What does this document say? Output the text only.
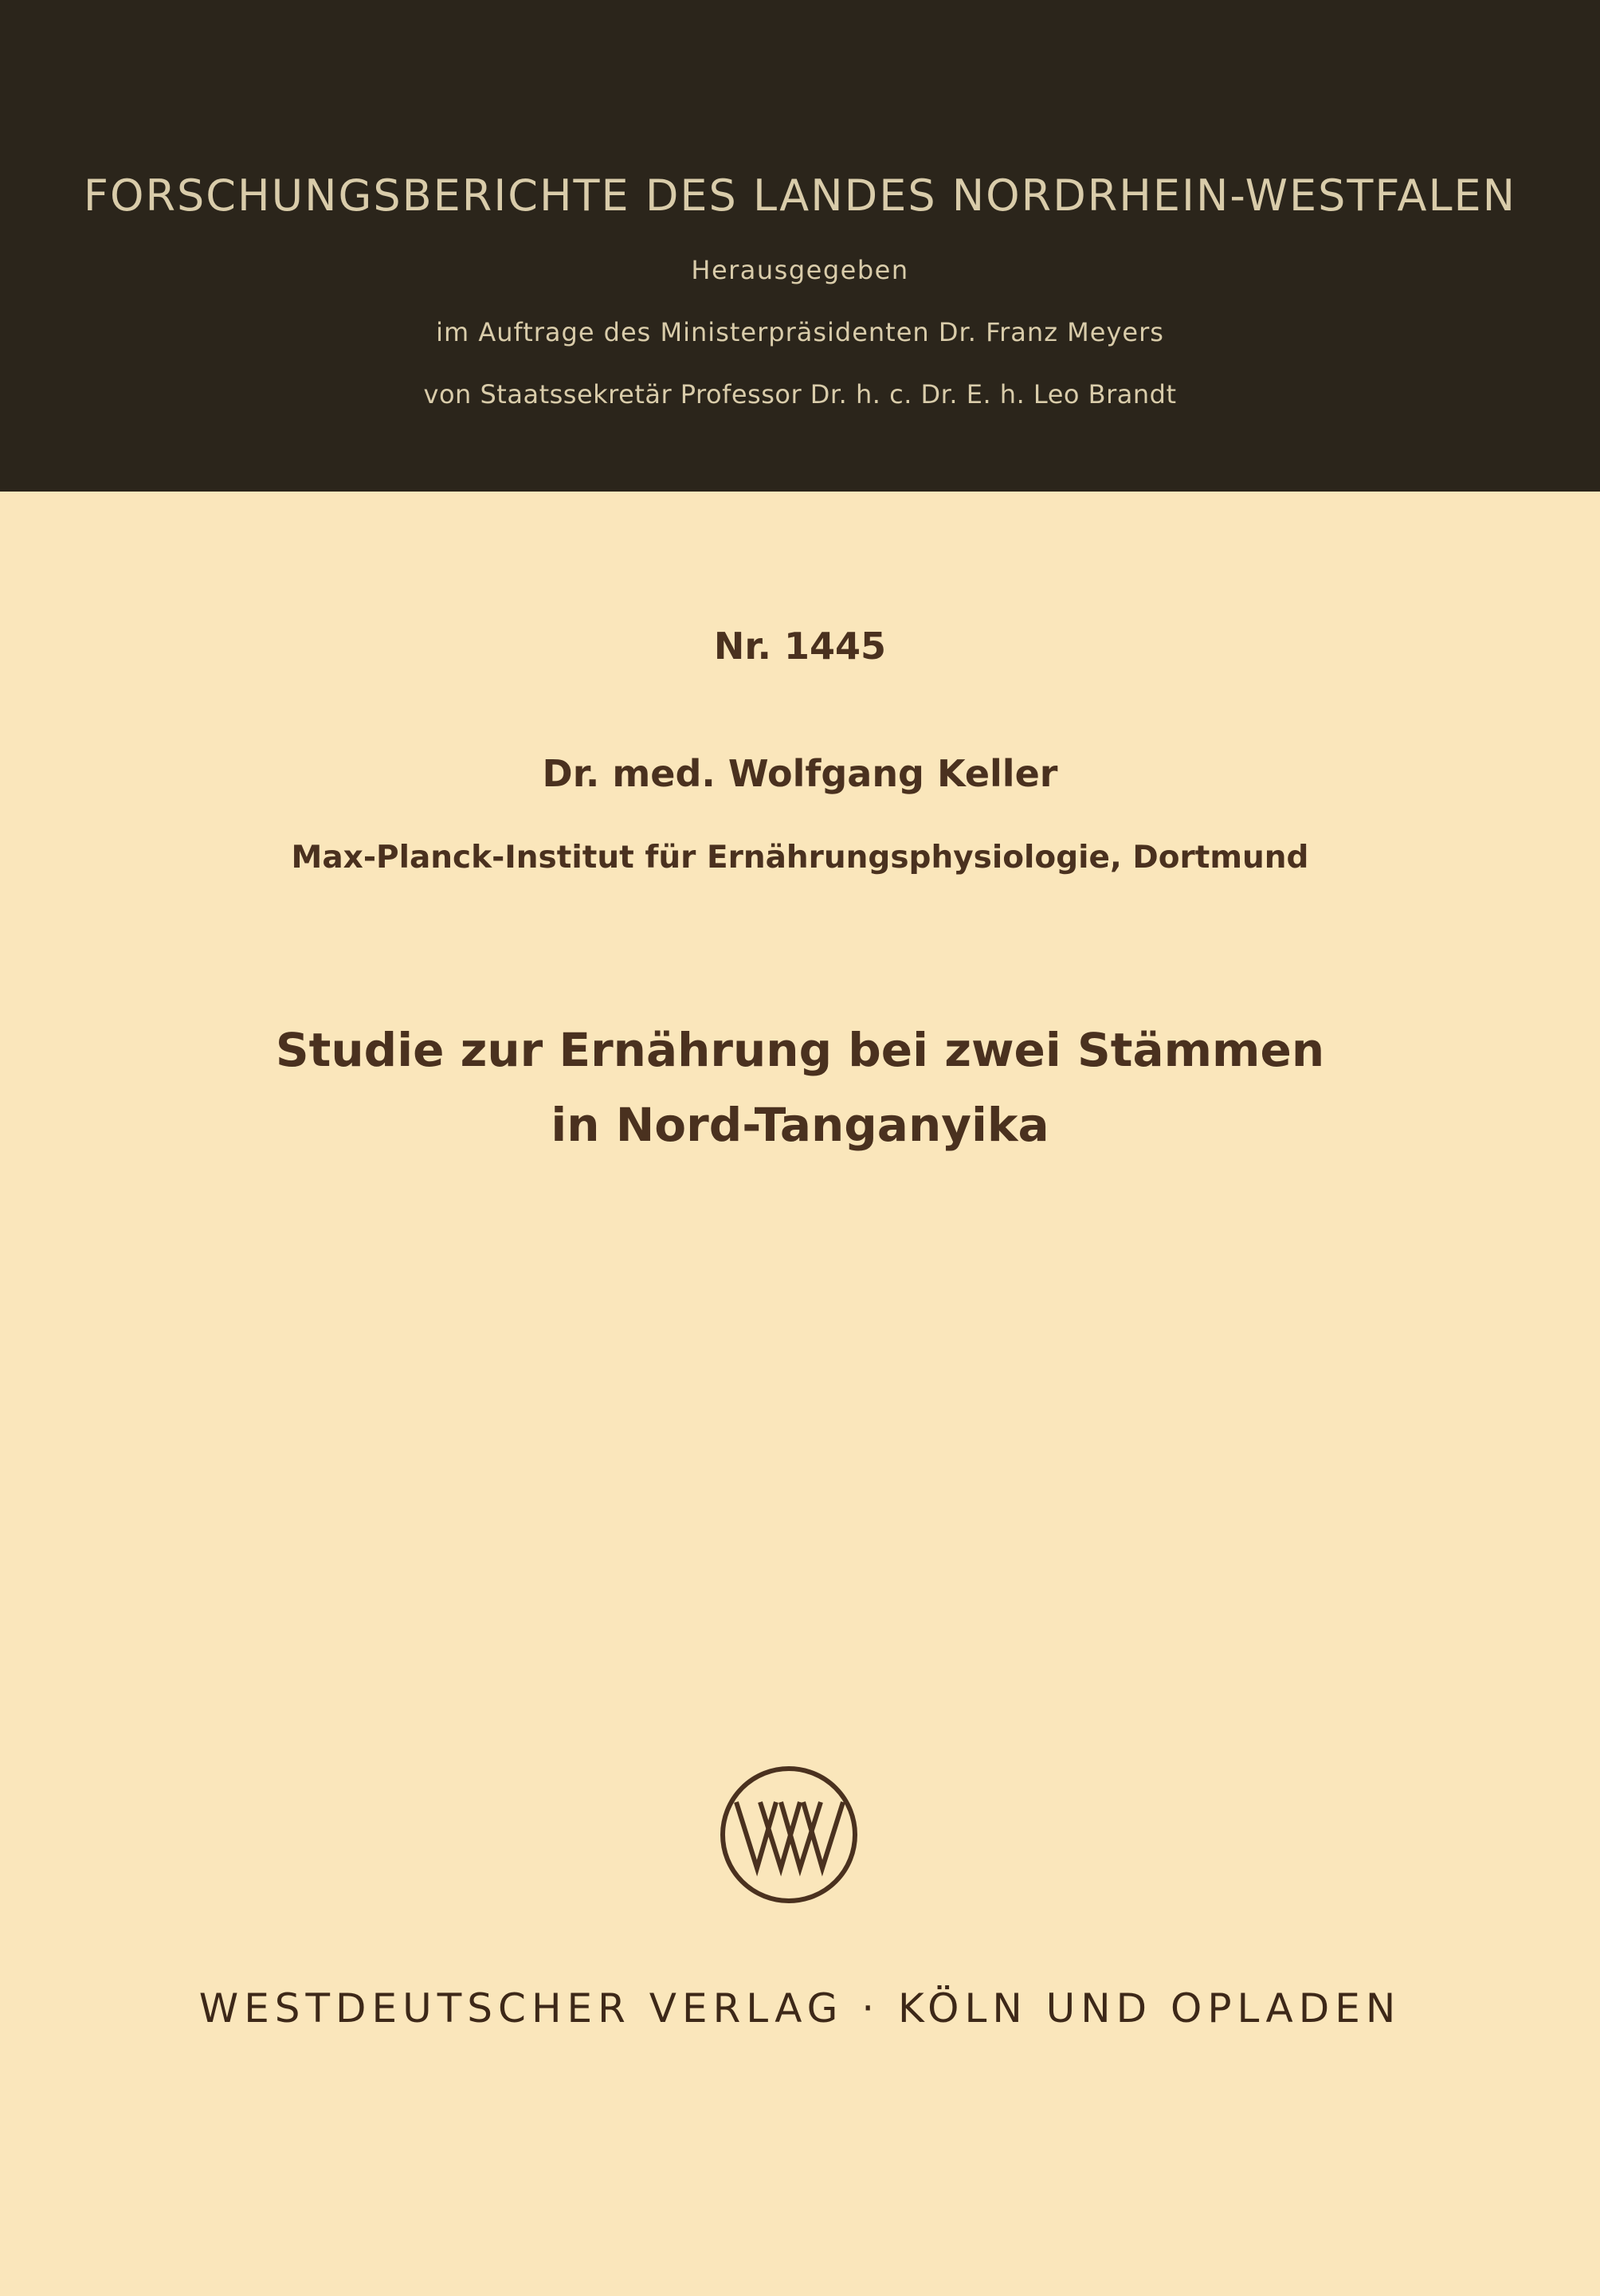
FORSCHUNGSBERICHTE DES LANDES NORDRHEIN-WESTFALEN
Herausgegeben
im Auftrage des Ministerpräsidenten Dr. Franz Meyers
von Staatssekretär Professor Dr. h. c. Dr. E. h. Leo Brandt
Nr. 1445
Dr. med. Wolfgang Keller
Max-Planck-Institut für Ernährungsphysiologie, Dortmund
Studie zur Ernährung bei zwei Stämmen
in Nord-Tanganyika
WESTDEUTSCHER VERLAG · KÖLN UND OPLADEN
